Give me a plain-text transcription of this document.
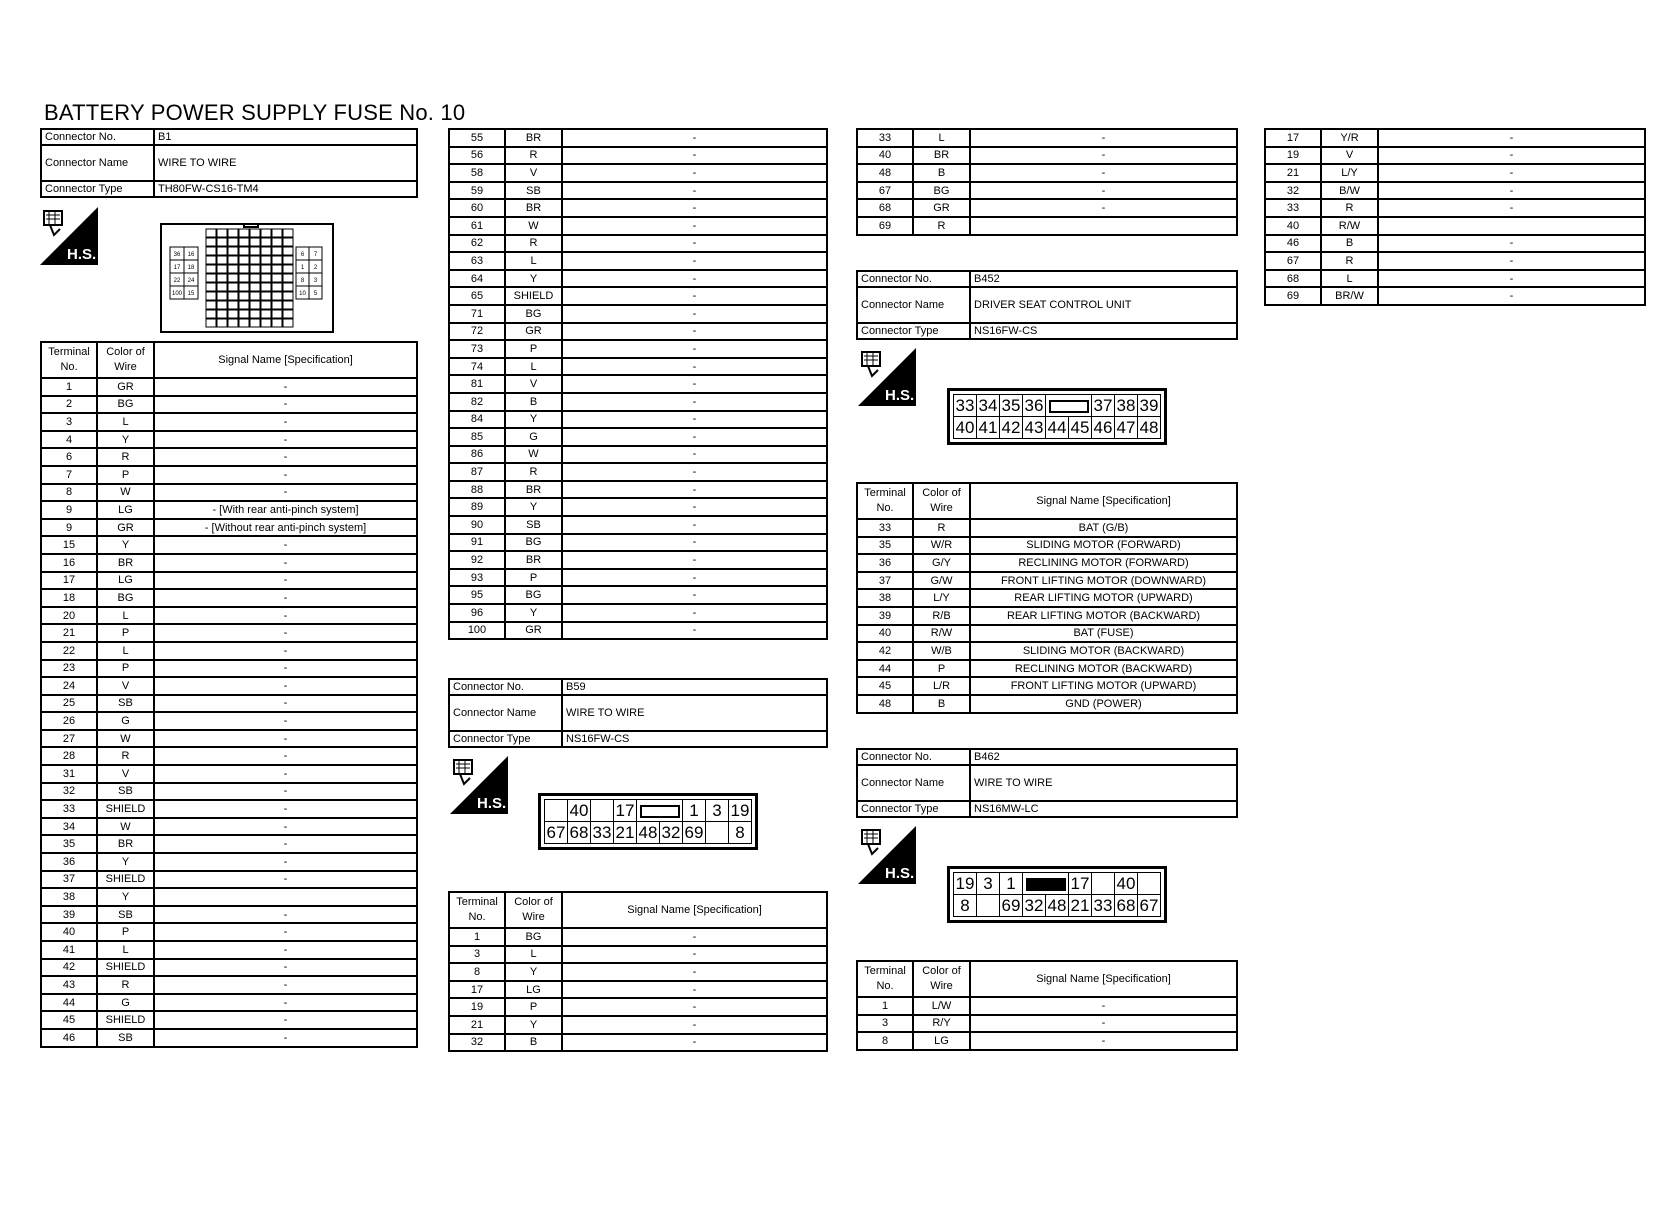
BATTERY POWER SUPPLY FUSE No. 10
Connector No.	B1
Connector Name	WIRE TO WIRE
Connector Type	TH80FW-CS16-TM4
H.S.	36 16
17 18
22 24
100 15
6 7
1 2
8 3
10 5
Terminal No.	Color of Wire	Signal Name [Specification]
1	GR	-
2	BG	-
3	L	-
4	Y	-
6	R	-
7	P	-
8	W	-
9	LG	- [With rear anti-pinch system]
9	GR	- [Without rear anti-pinch system]
15	Y	-
16	BR	-
17	LG	-
18	BG	-
20	L	-
21	P	-
22	L	-
23	P	-
24	V	-
25	SB	-
26	G	-
27	W	-
28	R	-
31	V	-
32	SB	-
33	SHIELD	-
34	W	-
35	BR	-
36	Y	-
37	SHIELD	-
38	Y	
39	SB	-
40	P	-
41	L	-
42	SHIELD	-
43	R	-
44	G	-
45	SHIELD	-
46	SB	-
55	BR	-
56	R	-
58	V	-
59	SB	-
60	BR	-
61	W	-
62	R	-
63	L	-
64	Y	-
65	SHIELD	-
71	BG	-
72	GR	-
73	P	-
74	L	-
81	V	-
82	B	-
84	Y	-
85	G	-
86	W	-
87	R	-
88	BR	-
89	Y	-
90	SB	-
91	BG	-
92	BR	-
93	P	-
95	BG	-
96	Y	-
100	GR	-
Connector No.	B59
Connector Name	WIRE TO WIRE
Connector Type	NS16FW-CS
H.S.
		40		17			1	3	19
67	68	33	21	48	32	69		8
Terminal No.	Color of Wire	Signal Name [Specification]
1	BG	-
3	L	-
8	Y	-
17	LG	-
19	P	-
21	Y	-
32	B	-
33	L	-
40	BR	-
48	B	-
67	BG	-
68	GR	-
69	R	
Connector No.	B452
Connector Name	DRIVER SEAT CONTROL UNIT
Connector Type	NS16FW-CS
H.S. 33	34	35	36			37	38	39
40	41	42	43	44	45	46	47	48
Terminal No.	Color of Wire	Signal Name [Specification]
33	R	BAT (G/B)
35	W/R	SLIDING MOTOR (FORWARD)
36	G/Y	RECLINING MOTOR (FORWARD)
37	G/W	FRONT LIFTING MOTOR (DOWNWARD)
38	L/Y	REAR LIFTING MOTOR (UPWARD)
39	R/B	REAR LIFTING MOTOR (BACKWARD)
40	R/W	BAT (FUSE)
42	W/B	SLIDING MOTOR (BACKWARD)
44	P	RECLINING MOTOR (BACKWARD)
45	L/R	FRONT LIFTING MOTOR (UPWARD)
48	B	GND (POWER)
Connector No.	B462
Connector Name	WIRE TO WIRE
Connector Type	NS16MW-LC
H.S. 19	3	1			17		40	
8		69	32	48	21	33	68	67
Terminal No.	Color of Wire	Signal Name [Specification]
1	L/W	-
3	R/Y	-
8	LG	-
17	Y/R	-
19	V	-
21	L/Y	-
32	B/W	-
33	R	-
40	R/W	
46	B	-
67	R	-
68	L	-
69	BR/W	-
